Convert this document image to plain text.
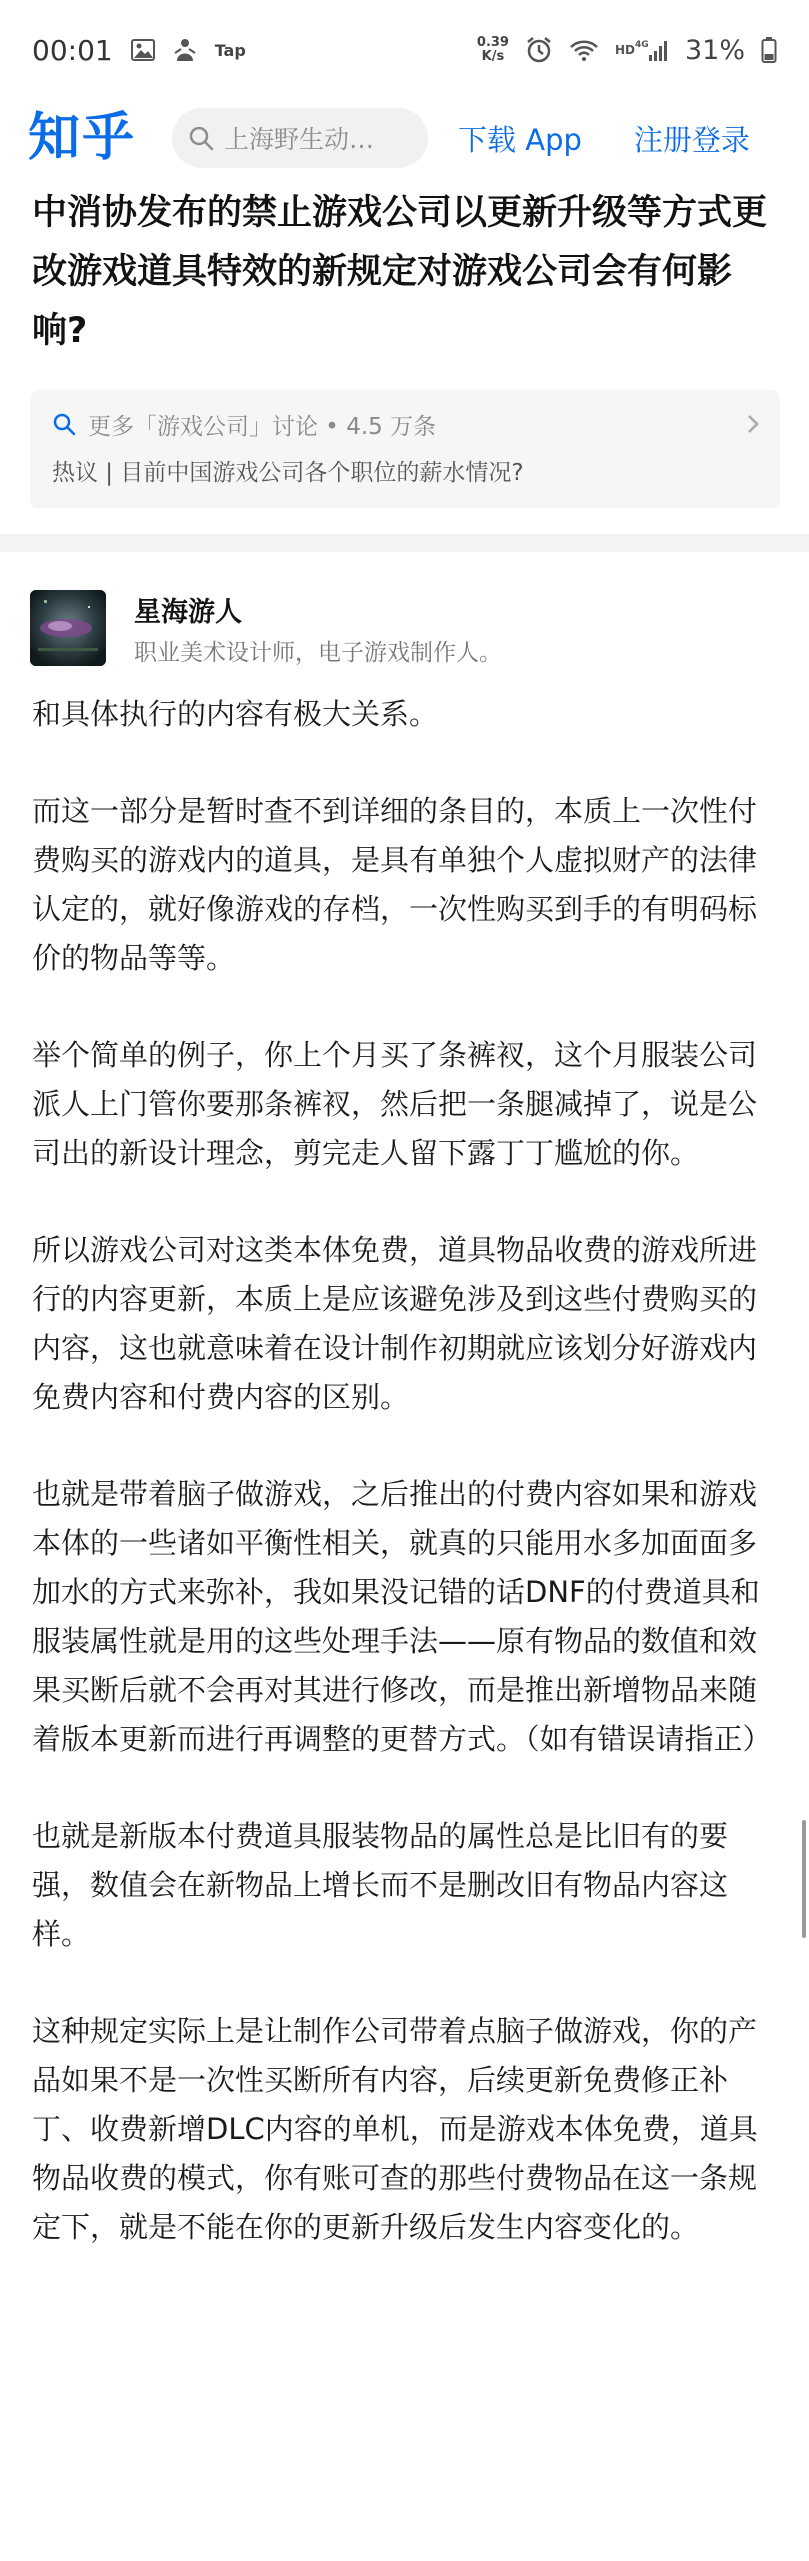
00:01	Tap	0.39
K/s	HD 4G 31%
知乎	上海野生动…	下载 App 注册登录
中消协发布的禁止游戏公司以更新升级等方式更改游戏道具特效的新规定对游戏公司会有何影响?
更多「游戏公司」讨论 • 4.5 万条
热议 | 目前中国游戏公司各个职位的薪水情况?
星海游人
职业美术设计师，电子游戏制作人。

和具体执行的内容有极大关系。

而这一部分是暂时查不到详细的条目的，本质上一次性付费购买的游戏内的道具，是具有单独个人虚拟财产的法律认定的，就好像游戏的存档，一次性购买到手的有明码标价的物品等等。

举个简单的例子，你上个月买了条裤衩，这个月服装公司派人上门管你要那条裤衩，然后把一条腿减掉了，说是公司出的新设计理念，剪完走人留下露丁丁尴尬的你。

所以游戏公司对这类本体免费，道具物品收费的游戏所进行的内容更新，本质上是应该避免涉及到这些付费购买的内容，这也就意味着在设计制作初期就应该划分好游戏内免费内容和付费内容的区别。

也就是带着脑子做游戏，之后推出的付费内容如果和游戏本体的一些诸如平衡性相关，就真的只能用水多加面面多加水的方式来弥补，我如果没记错的话DNF的付费道具和服装属性就是用的这些处理手法——原有物品的数值和效果买断后就不会再对其进行修改，而是推出新增物品来随着版本更新而进行再调整的更替方式。（如有错误请指正）

也就是新版本付费道具服装物品的属性总是比旧有的要强，数值会在新物品上增长而不是删改旧有物品内容这样。

这种规定实际上是让制作公司带着点脑子做游戏，你的产品如果不是一次性买断所有内容，后续更新免费修正补丁、收费新增DLC内容的单机，而是游戏本体免费，道具物品收费的模式，你有账可查的那些付费物品在这一条规定下，就是不能在你的更新升级后发生内容变化的。
